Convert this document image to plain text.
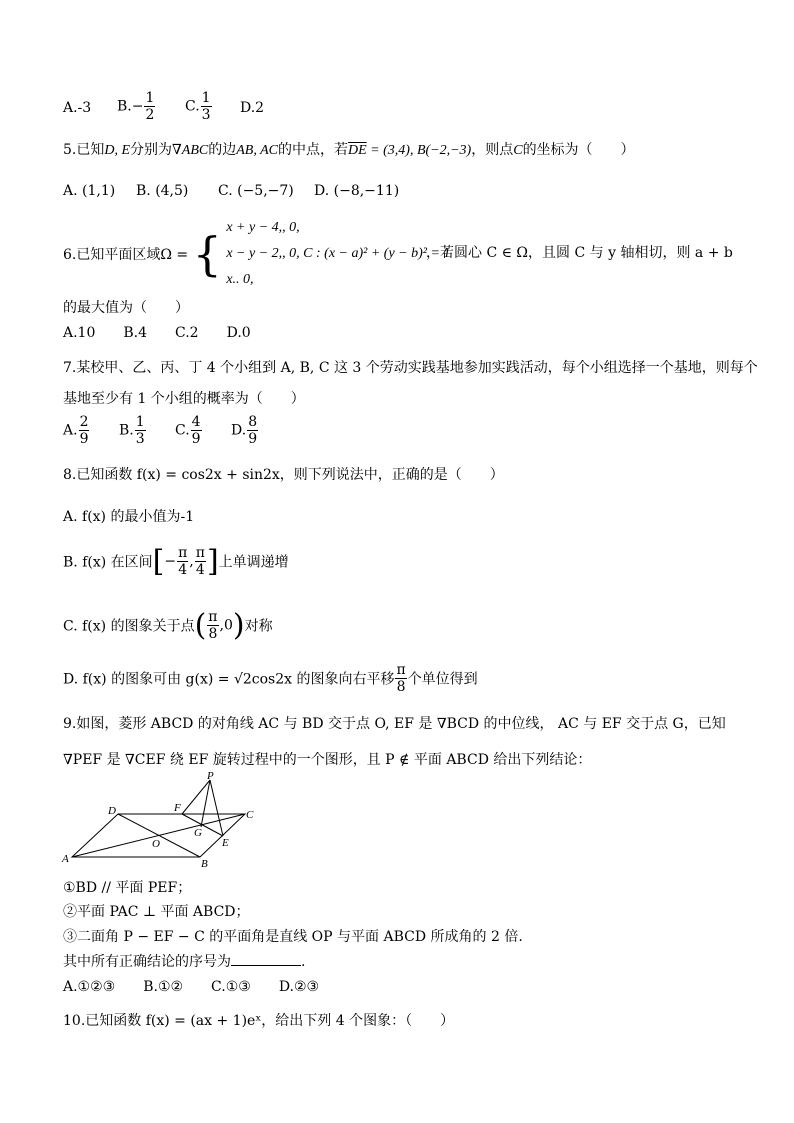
A.-3 $B.- \frac{1}{2} C$. $\frac{1}{3} D.2$
5.已知D, E分别为∇ABC的边AB, AC的中点，若$\overline{DE} = (3,4)$, B(−2,−3)，则点C的坐标为（　　）
A. (1,1) B. (4,5) C. (−5,−7) D. (−8,−11)
6.已知平面区域Ω = { x + y − 4,, 0,
x − y − 2,, 0, C : (x − a)² + (y − b)² = 1
x.. 0,
，若圆心 C ∈ Ω，且圆 C 与 y 轴相切，则 a + b
的最大值为（　　）
A.10　　B.4　　C.2　　D.0
7.某校甲、乙、丙、丁 4 个小组到 A, B, C 这 3 个劳动实践基地参加实践活动，每个小组选择一个基地，则每个
基地至少有 1 个小组的概率为（　　）
A. $\frac{2}{9} B$. $\frac{1}{3} C$. $\frac{4}{9} D$. $\frac{8}{9}$
8.已知函数 f(x) = cos2x + sin2x，则下列说法中，正确的是（　　）
A. f(x) 的最小值为-1
B. f(x) 在区间[− $\frac{\pi}{4}$ , $\frac{\pi}{4}$ ]上单调递增
C. f(x) 的图象关于点( $\frac{\pi}{8} ,0$)对称
D. f(x) 的图象可由 g(x) = √2cos2x 的图象向右平移 $\frac{\pi}{8}$ 个单位得到
9.如图，菱形 ABCD 的对角线 AC 与 BD 交于点 O, EF 是 ∇BCD 的中位线， AC 与 EF 交于点 G，已知
∇PEF 是 ∇CEF 绕 EF 旋转过程中的一个图形，且 P ∉ 平面 ABCD 给出下列结论：
P
D	F
C
G
O	E
A	B
①BD // 平面 PEF；
②平面 PAC ⊥ 平面 ABCD；
③二面角 P − EF − C 的平面角是直线 OP 与平面 ABCD 所成角的 2 倍.
其中所有正确结论的序号为	.
A.①②③　　B.①②　　C.①③　　D.②③
10.已知函数 f(x) = (ax + 1)eˣ，给出下列 4 个图象：（　　）
